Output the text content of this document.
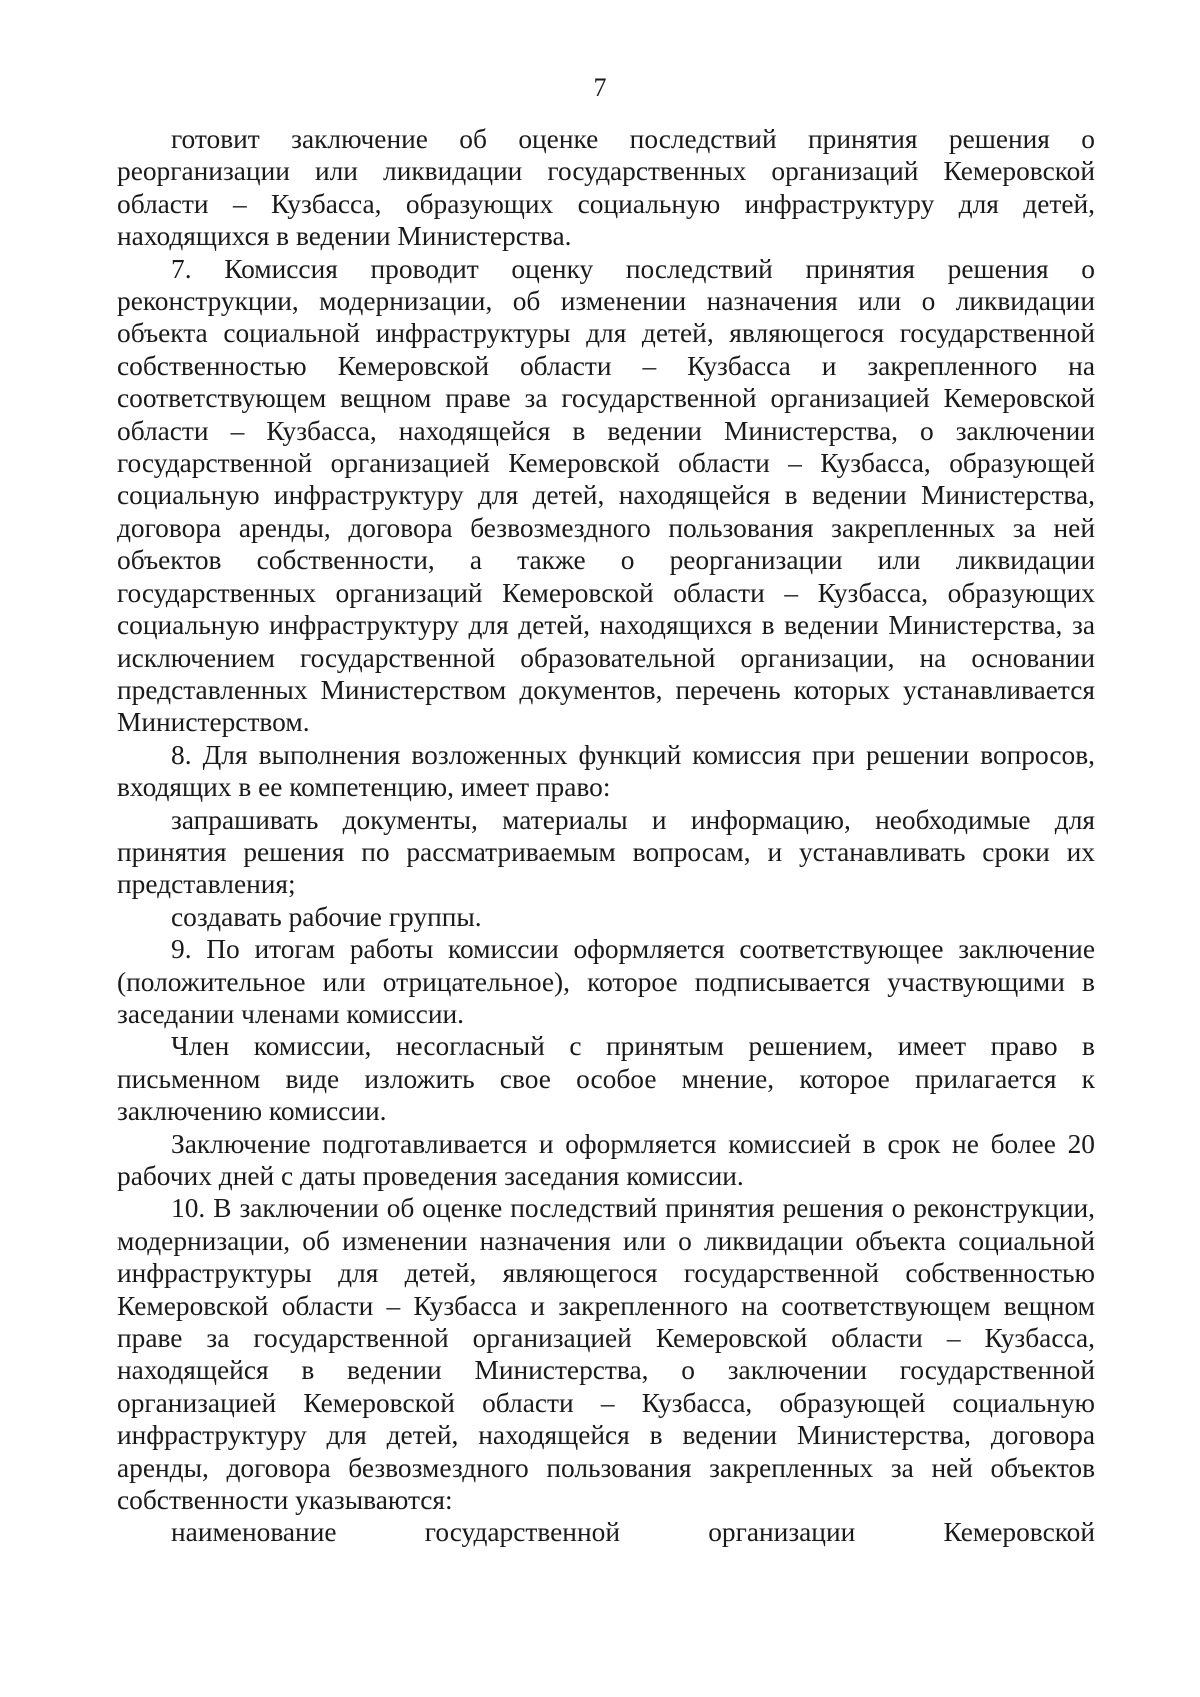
7

готовит заключение об оценке последствий принятия решения о реорганизации или ликвидации государственных организаций Кемеровской области – Кузбасса, образующих социальную инфраструктуру для детей, находящихся в ведении Министерства.

7. Комиссия проводит оценку последствий принятия решения о реконструкции, модернизации, об изменении назначения или о ликвидации объекта социальной инфраструктуры для детей, являющегося государственной собственностью Кемеровской области – Кузбасса и закрепленного на соответствующем вещном праве за государственной организацией Кемеровской области – Кузбасса, находящейся в ведении Министерства, о заключении государственной организацией Кемеровской области – Кузбасса, образующей социальную инфраструктуру для детей, находящейся в ведении Министерства, договора аренды, договора безвозмездного пользования закрепленных за ней объектов собственности, а также о реорганизации или ликвидации государственных организаций Кемеровской области – Кузбасса, образующих социальную инфраструктуру для детей, находящихся в ведении Министерства, за исключением государственной образовательной организации, на основании представленных Министерством документов, перечень которых устанавливается Министерством.

8. Для выполнения возложенных функций комиссия при решении вопросов, входящих в ее компетенцию, имеет право:

запрашивать документы, материалы и информацию, необходимые для принятия решения по рассматриваемым вопросам, и устанавливать сроки их представления;

создавать рабочие группы.

9. По итогам работы комиссии оформляется соответствующее заключение (положительное или отрицательное), которое подписывается участвующими в заседании членами комиссии.

Член комиссии, несогласный с принятым решением, имеет право в письменном виде изложить свое особое мнение, которое прилагается к заключению комиссии.

Заключение подготавливается и оформляется комиссией в срок не более 20 рабочих дней с даты проведения заседания комиссии.

10. В заключении об оценке последствий принятия решения о реконструкции, модернизации, об изменении назначения или о ликвидации объекта социальной инфраструктуры для детей, являющегося государственной собственностью Кемеровской области – Кузбасса и закрепленного на соответствующем вещном праве за государственной организацией Кемеровской области – Кузбасса, находящейся в ведении Министерства, о заключении государственной организацией Кемеровской области – Кузбасса, образующей социальную инфраструктуру для детей, находящейся в ведении Министерства, договора аренды, договора безвозмездного пользования закрепленных за ней объектов собственности указываются:

наименование государственной организации Кемеровской
